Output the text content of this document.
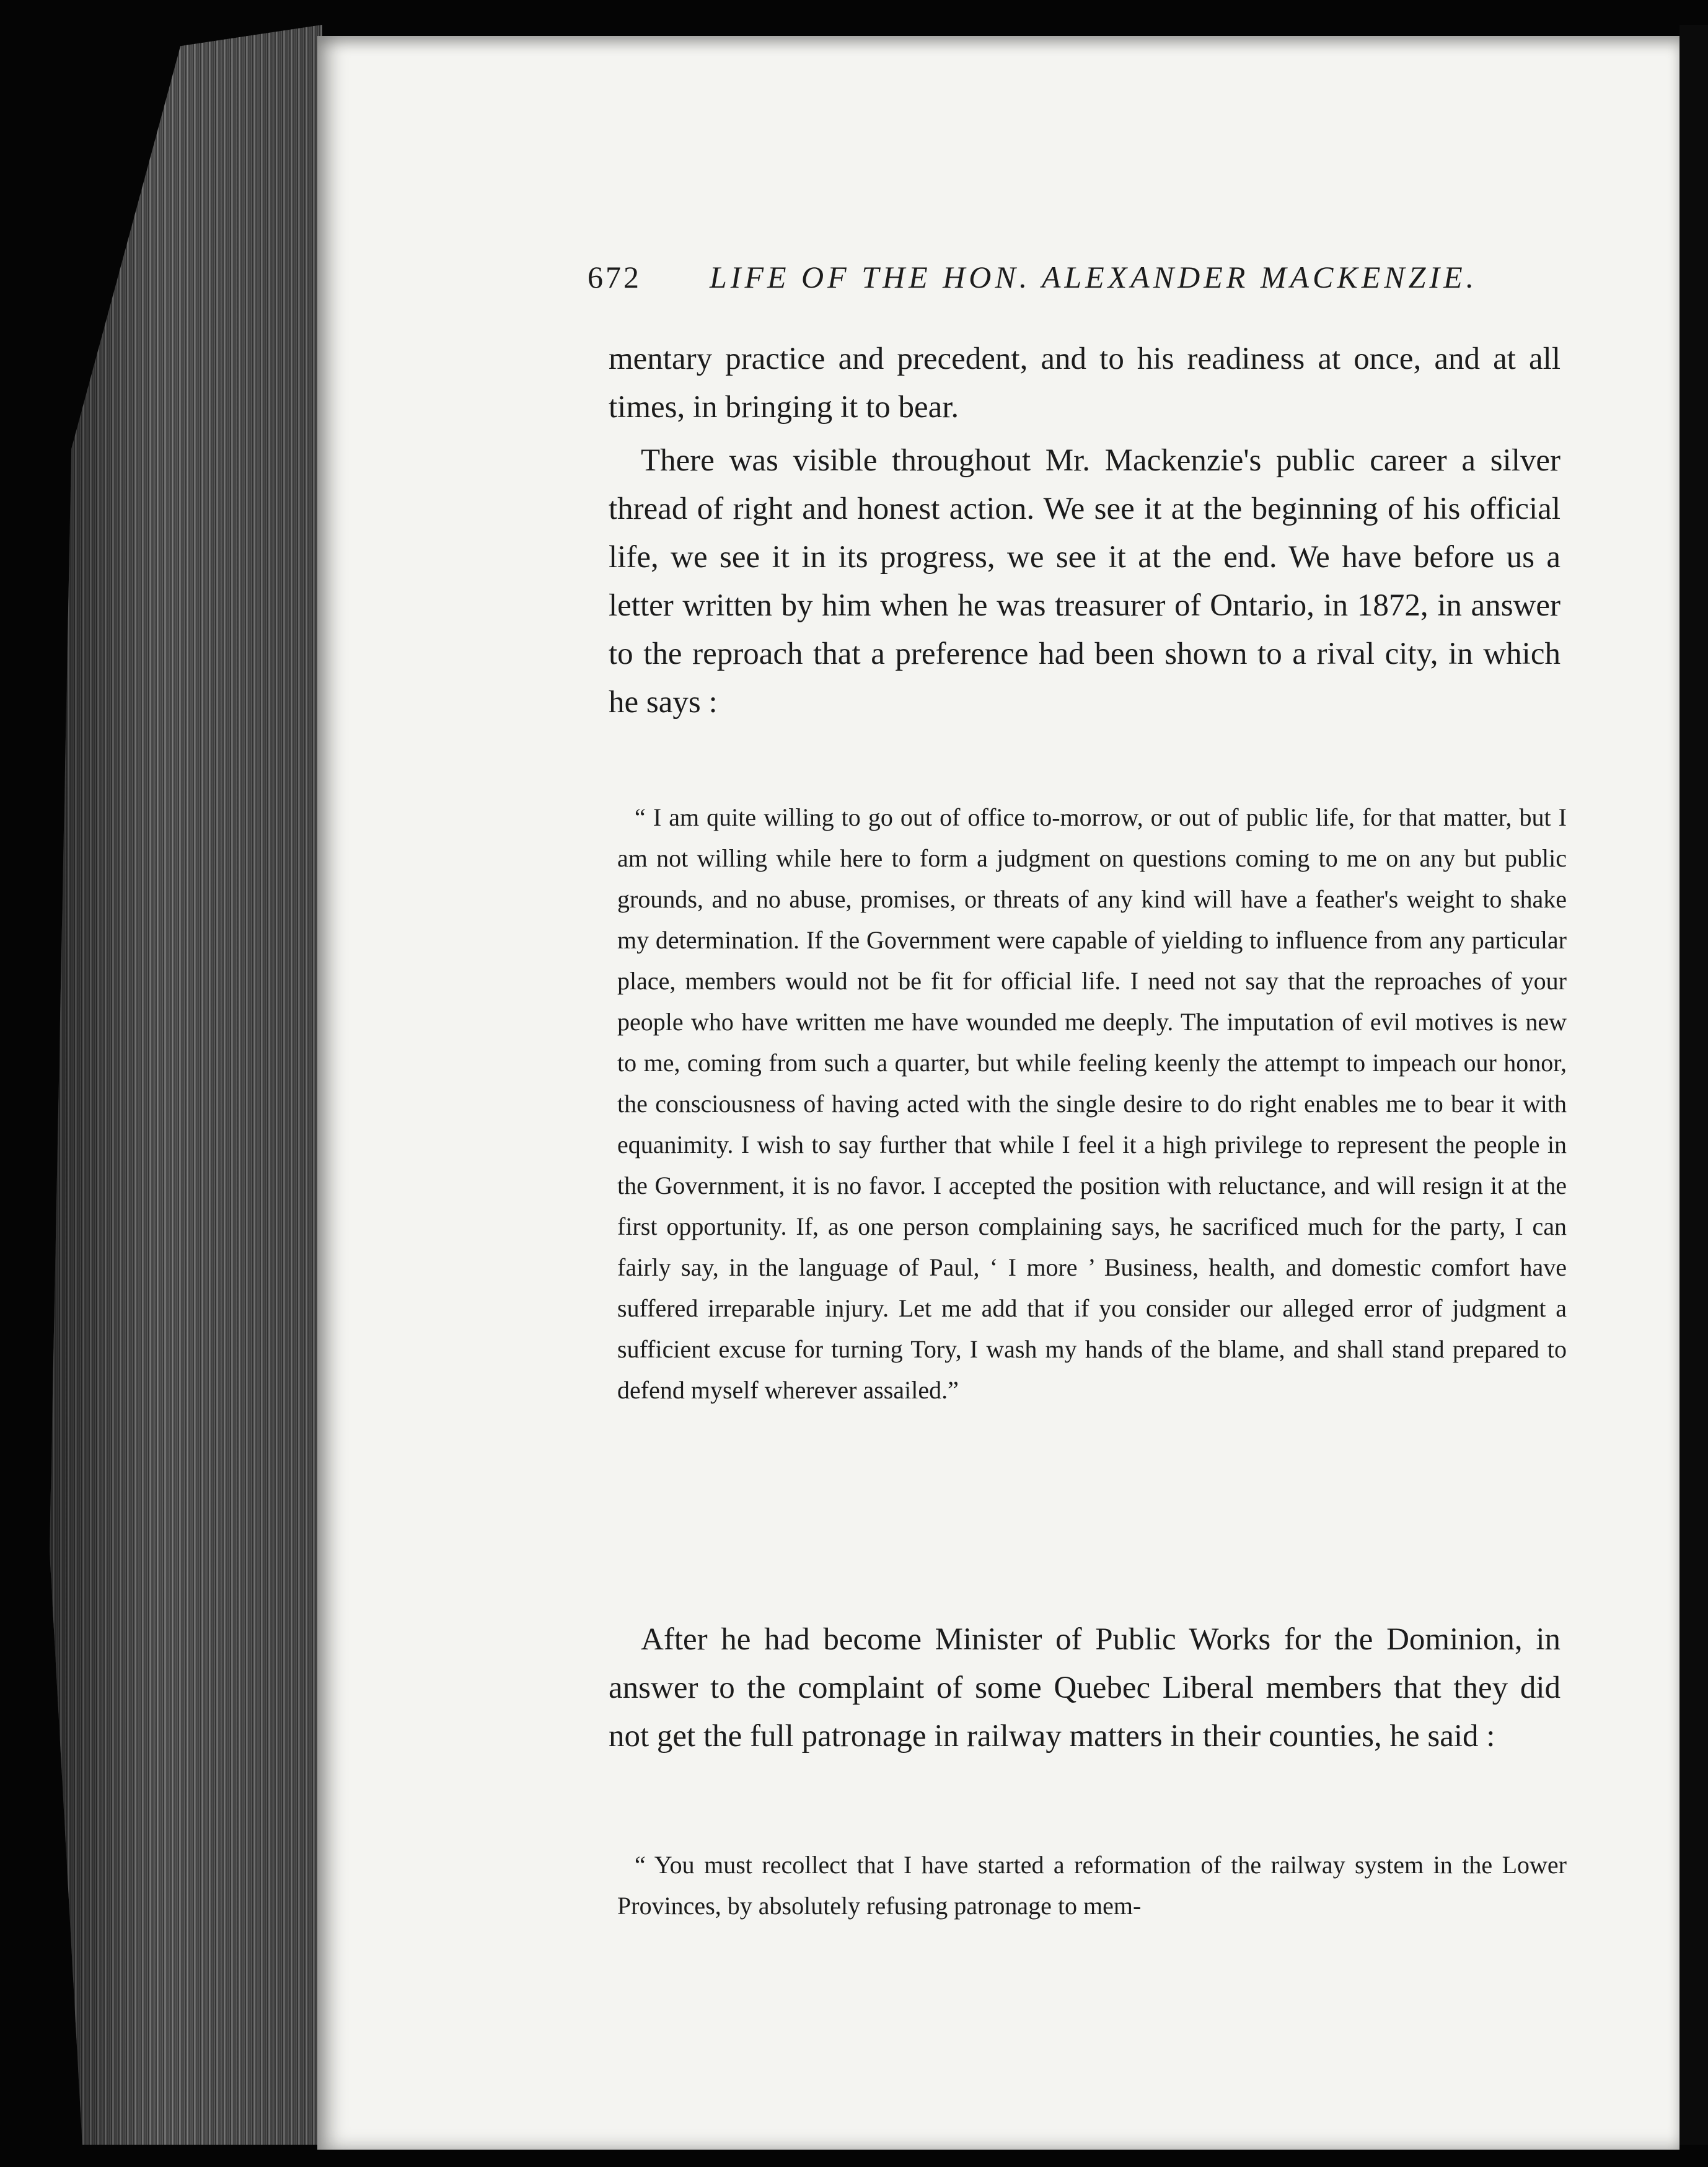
672 LIFE OF THE HON. ALEXANDER MACKENZIE.

mentary practice and precedent, and to his readiness at once, and at all times, in bringing it to bear.

There was visible throughout Mr. Mackenzie's public career a silver thread of right and honest action. We see it at the beginning of his official life, we see it in its progress, we see it at the end. We have before us a letter written by him when he was treasurer of Ontario, in 1872, in answer to the reproach that a preference had been shown to a rival city, in which he says :

“ I am quite willing to go out of office to-morrow, or out of public life, for that matter, but I am not willing while here to form a judgment on questions coming to me on any but public grounds, and no abuse, promises, or threats of any kind will have a feather's weight to shake my determination. If the Government were capable of yielding to influence from any particular place, members would not be fit for official life. I need not say that the reproaches of your people who have written me have wounded me deeply. The imputation of evil motives is new to me, coming from such a quarter, but while feeling keenly the attempt to impeach our honor, the consciousness of having acted with the single desire to do right enables me to bear it with equanimity. I wish to say further that while I feel it a high privilege to represent the people in the Government, it is no favor. I accepted the position with reluctance, and will resign it at the first opportunity. If, as one person complaining says, he sacrificed much for the party, I can fairly say, in the language of Paul, ‘ I more ’ Business, health, and domestic comfort have suffered irreparable injury. Let me add that if you consider our alleged error of judgment a sufficient excuse for turning Tory, I wash my hands of the blame, and shall stand prepared to defend myself wherever assailed.”

After he had become Minister of Public Works for the Dominion, in answer to the complaint of some Quebec Liberal members that they did not get the full patronage in railway matters in their counties, he said :

“ You must recollect that I have started a reformation of the railway system in the Lower Provinces, by absolutely refusing patronage to mem-
